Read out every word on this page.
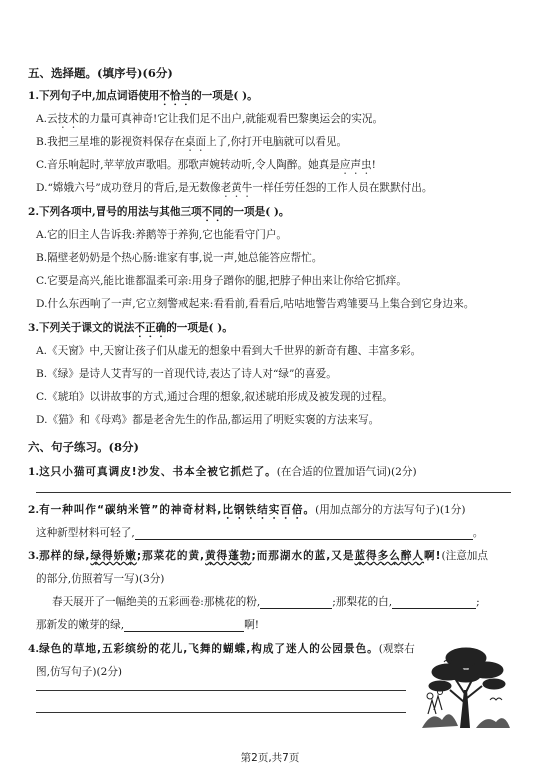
五、选择题。(填序号)(6分)
1.下列句子中,加点词语使用不恰当的一项是( )。
A.云技术的力量可真神奇!它让我们足不出户,就能观看巴黎奥运会的实况。
B.我把三星堆的影视资料保存在桌面上了,你打开电脑就可以看见。
C.音乐响起时,苹苹放声歌唱。那歌声婉转动听,令人陶醉。她真是应声虫!
D.“嫦娥六号”成功登月的背后,是无数像老黄牛一样任劳任怨的工作人员在默默付出。
2.下列各项中,冒号的用法与其他三项不同的一项是( )。
A.它的旧主人告诉我:养鹅等于养狗,它也能看守门户。
B.隔壁老奶奶是个热心肠:谁家有事,说一声,她总能答应帮忙。
C.它要是高兴,能比谁都温柔可亲:用身子蹭你的腿,把脖子伸出来让你给它抓痒。
D.什么东西响了一声,它立刻警戒起来:看看前,看看后,咕咕地警告鸡雏要马上集合到它身边来。
3.下列关于课文的说法不正确的一项是( )。
A.《天窗》中,天窗让孩子们从虚无的想象中看到大千世界的新奇有趣、丰富多彩。
B.《绿》是诗人艾青写的一首现代诗,表达了诗人对“绿”的喜爱。
C.《琥珀》以讲故事的方式,通过合理的想象,叙述琥珀形成及被发现的过程。
D.《猫》和《母鸡》都是老舍先生的作品,都运用了明贬实褒的方法来写。
六、句子练习。(8分)
1.这只小猫可真调皮!沙发、书本全被它抓烂了。(在合适的位置加语气词)(2分)
2.有一种叫作“碳纳米管”的神奇材料,比钢铁结实百倍。(用加点部分的方法写句子)(1分)
这种新型材料可轻了,	。
3.那样的绿,绿得娇嫩;那菜花的黄,黄得蓬勃;而那湖水的蓝,又是蓝得多么醉人啊!(注意加点
的部分,仿照着写一写)(3分)
春天展开了一幅绝美的五彩画卷:那桃花的粉,	;那梨花的白,	;
那新发的嫩芽的绿,	啊!
4.绿色的草地,五彩缤纷的花儿,飞舞的蝴蝶,构成了迷人的公园景色。(观察右
图,仿写句子)(2分)
第2页,共7页
